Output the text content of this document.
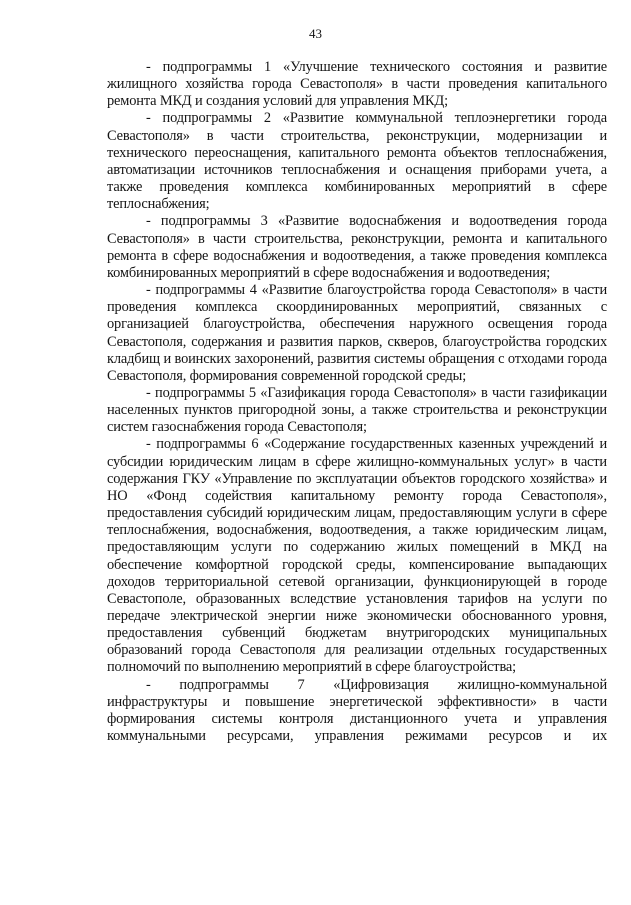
43

- подпрограммы 1 «Улучшение технического состояния и развитие жилищного хозяйства города Севастополя» в части проведения капитального ремонта МКД и создания условий для управления МКД;

- подпрограммы 2 «Развитие коммунальной теплоэнергетики города Севастополя» в части строительства, реконструкции, модернизации и технического переоснащения, капитального ремонта объектов теплоснабжения, автоматизации источников теплоснабжения и оснащения приборами учета, а также проведения комплекса комбинированных мероприятий в сфере теплоснабжения;

- подпрограммы 3 «Развитие водоснабжения и водоотведения города Севастополя» в части строительства, реконструкции, ремонта и капитального ремонта в сфере водоснабжения и водоотведения, а также проведения комплекса комбинированных мероприятий в сфере водоснабжения и водоотведения;

- подпрограммы 4 «Развитие благоустройства города Севастополя» в части проведения комплекса скоординированных мероприятий, связанных с организацией благоустройства, обеспечения наружного освещения города Севастополя, содержания и развития парков, скверов, благоустройства городских кладбищ и воинских захоронений, развития системы обращения с отходами города Севастополя, формирования современной городской среды;

- подпрограммы 5 «Газификация города Севастополя» в части газификации населенных пунктов пригородной зоны, а также строительства и реконструкции систем газоснабжения города Севастополя;

- подпрограммы 6 «Содержание государственных казенных учреждений и субсидии юридическим лицам в сфере жилищно-коммунальных услуг» в части содержания ГКУ «Управление по эксплуатации объектов городского хозяйства» и НО «Фонд содействия капитальному ремонту города Севастополя», предоставления субсидий юридическим лицам, предоставляющим услуги в сфере теплоснабжения, водоснабжения, водоотведения, а также юридическим лицам, предоставляющим услуги по содержанию жилых помещений в МКД на обеспечение комфортной городской среды, компенсирование выпадающих доходов территориальной сетевой организации, функционирующей в городе Севастополе, образованных вследствие установления тарифов на услуги по передаче электрической энергии ниже экономически обоснованного уровня, предоставления субвенций бюджетам внутригородских муниципальных образований города Севастополя для реализации отдельных государственных полномочий по выполнению мероприятий в сфере благоустройства;

- подпрограммы 7 «Цифровизация жилищно-коммунальной инфраструктуры и повышение энергетической эффективности» в части формирования системы контроля дистанционного учета и управления коммунальными ресурсами, управления режимами ресурсов и их
